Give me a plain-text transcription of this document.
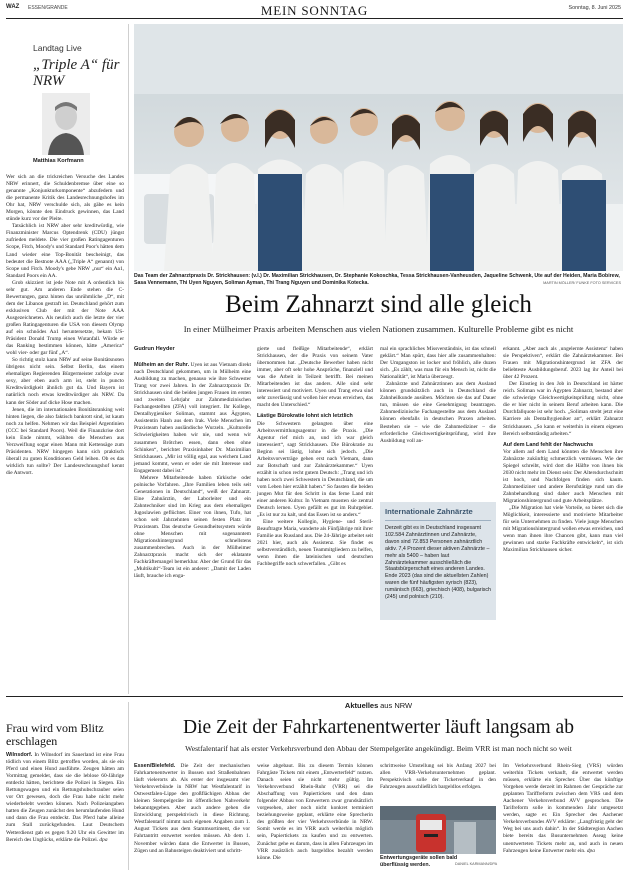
WAZ ESSEN/GRANDE	MEIN SONNTAG	Sonntag, 8. Juni 2025
Landtag Live
„Triple A“ für NRW
Matthias Korfmann

Wer sich an die trickreichen Versuche des Landes NRW erinnert, die Schuldenbremse über eine so genannte „Konjunkturkomponente“ abzufedern und die permanente Kritik des Landesrechnungshofes im Ohr hat, NRW verschulde sich, als gäbe es kein Morgen, könnte den Eindruck gewinnen, das Land stünde kurz vor der Pleite.

Tatsächlich ist NRW aber sehr kreditwürdig, wie Finanzminister Marcus Optendrenk (CDU) jüngst zufrieden meldete. Die vier großen Ratingagenturen Scope, Fitch, Moody's und Standard Poor's hätten dem Land wieder eine Top-Bonität bescheinigt, das bedeutet die Bestnote AAA („Triple A“ genannt) von Scope und Fitch. Moody's gebe NRW „nur“ ein Aa1, Standard Poors ein AA.

Grob skizziert ist jede Note mit A ordentlich bis sehr gut. Am anderen Ende stehen die C-Bewertungen, ganz hinten das unrühmliche „D“, mit dem der Libanon gestraft ist. Deutschland gehört zum exklusiven Club der mit der Note AAA Ausgezeichneten. Als neulich auch die letzte der vier großen Ratingagenturen die USA von diesem Olymp auf ein schnödes Aa1 heruntersetzte, bekam US-Präsident Donald Trump einen Wutanfall. Würde er das Ranking bestimmen können, hätte „America“ wohl vier- oder gar fünf „A“.

So richtig stolz kann NRW auf seine Bonitätsnoten übrigens nicht sein. Selbst Berlin, das einem ehemaligen Regierenden Bürgermeister zufolge zwar sexy, aber eben auch arm ist, steht in puncto Kreditwürdigkeit ähnlich gut da. Und Bayern ist natürlich noch etwas kreditwürdiger als NRW. Da kann der Söder auf dicke Hose machen.

Jenen, die im internationalen Bonitätsranking weit hinten liegen, die also faktisch bankrott sind, ist kaum noch zu helfen. Nehmen wir das Beispiel Argentinien (CCC bei Standard Poors). Weil die Finanzkrise dort kein Ende nimmt, wählten die Menschen aus Verzweiflung sogar einen Mann mit Kettensäge zum Präsidenten. NRW hingegen kann sich praktisch überall zu guten Konditionen Geld leihen. Ob es das wirklich tun sollte? Der Landesrechnungshof kennt die Antwort.

Das Team der Zahnarztpraxis Dr. Strickhausen: (v.l.) Dr. Maximilian Strickhausen, Dr. Stephanie Kokoschka, Tessa Strickhausen-Vanheusden, Jaqueline Schwenk, Ute auf der Heiden, Maria Bobirew, Sasa Vennemann, Thi Uyen Nguyen, Soliman Ayman, Thi Trang Nguyen und Dominika Kotecka.	MARTIN MÖLLER/ FUNKE FOTO SERVICES
Beim Zahnarzt sind alle gleich
In einer Mülheimer Praxis arbeiten Menschen aus vielen Nationen zusammen. Kulturelle Probleme gibt es nicht
Gudrun Heyder

Mülheim an der Ruhr. Uyen ist aus Vietnam direkt nach Deutschland gekommen, um in Mülheim eine Ausbildung zu machen, genauso wie ihre Schwester Trang vor zwei Jahren. In der Zahnarztpraxis Dr. Strickhausen sind die beiden jungen Frauen im ersten und zweiten Lehrjahr zur Zahnmedizinischen Fachangestellten (ZFA) voll integriert. Ihr Kollege, Dentalhygieniker Soliman, stammt aus Ägypten, Assistentin Hanh aus dem Irak. Viele Menschen im Praxisteam haben ausländische Wurzeln. „Kulturelle Schwierigkeiten haben wir nie, und wenn wir zusammen Brötchen essen, dann eben ohne Schinken“, berichtet Praxisinhaber Dr. Maximilian Strickhausen. „Mir ist völlig egal, aus welchem Land jemand kommt, wenn er oder sie mit Interesse und Engagement dabei ist.“

Mehrere Mitarbeitende haben türkische oder polnische Vorfahren. „Ihre Familien leben teils seit Generationen in Deutschland“, weiß der Zahnarzt. Eine Zahnärztin, der Laborleiter und ein Zahntechniker sind im Krieg aus dem ehemaligen Jugoslawien geflüchtet. Einer von ihnen, Tufo, hat schon seit Jahrzehnten seinen festen Platz im Praxisteam. Das deutsche Gesundheitssystem würde ohne Menschen mit sogenanntem Migrationshintergrund schnellstens zusammenbrechen. Auch in der Mülheimer Zahnarztpraxis macht sich der eklatante Fachkräftemangel bemerkbar. Aber der Grund für das „Multikulti“-Team ist ein anderer: „Damit der Laden läuft, brauche ich enga-

gierte und fleißige Mitarbeitende“, erklärt Strickhausen, der die Praxis von seinem Vater übernommen hat. „Deutsche Bewerber haben nicht immer, aber oft sehr hohe Ansprüche, finanziell und was die Arbeit in Teilzeit betrifft. Bei meinen Mitarbeitenden ist das anders. Alle sind sehr interessiert und motiviert. Uyen und Trang etwa sind sehr zuverlässig und wollen hier etwas erreichen, das macht den Unterschied.“

Lästige Bürokratie lohnt sich letztlich

Die Schwestern gelangten über eine Arbeitsvermittlungsagentur in die Praxis. „Die Agentur rief mich an, und ich war gleich interessiert“, sagt Strickhausen. Die Bürokratie zu Beginn sei lästig, lohne sich jedoch. „Die Arbeitsvorverträge gehen erst nach Vietnam, dann zur Botschaft und zur Zahnärztekammer.“ Uyen erzählt in schon recht gutem Deutsch: „Trang und ich haben noch zwei Schwestern in Deutschland, die um vom Leben hier erzählt haben.“ So fassten die beiden jungen Mut für den Schritt in das ferne Land mit einer anderen Kultur. In Vietnam mussten sie zentral Deutsch lernen. Uyen gefällt es gut im Ruhrgebiet. „Es ist nur zu kalt, und das Essen ist so anders.“

Eine weitere Kollegin, Hygiene- und Steril-Beauftragte Maria, wanderte als Fünfjährige mit ihrer Familie aus Russland aus. Die 24-Jährige arbeitet seit 2021 hier, auch als Assistenz. Sie findet es selbstverständlich, neuen Teammitgliedern zu helfen, wenn ihnen die lateinischen und deutschen Fachbegriffe noch schwerfallen. „Gibt es

mal ein sprachliches Missverständnis, ist das schnell geklärt.“ Man spürt, dass hier alle zusammenhalten: Der Umgangston ist locker und fröhlich, alle duzen sich. „Es zählt, was man für ein Mensch ist, nicht die Nationalität“, ist Maria überzeugt.

Zahnärzte und Zahnärztinnen aus dem Ausland können grundsätzlich auch in Deutschland die Zahnheilkunde ausüben. Möchten sie das auf Dauer tun, müssen sie eine Genehmigung beantragen. Zahnmedizinische Fachangestellte aus dem Ausland können ebenfalls in deutschen Praxen arbeiten. Bestehen sie – wie die Zahnmediziner – die erforderliche Gleichwertigkeitsprüfung, wird ihre Ausbildung voll an-

Internationale Zahnärzte
Derzeit gibt es in Deutschland insgesamt 102.584 Zahnärztinnen und Zahnärzte, davon sind 72.853 Personen zahnärztlich aktiv. 7,4 Prozent dieser aktiven Zahnärzte – mehr als 5400 – haben laut Zahnärztekammer ausschließlich die Staatsbürgerschaft eines anderen Landes. Ende 2023 (das sind die aktuellsten Zahlen) waren die fünf häufigsten syrisch (823), rumänisch (663), griechisch (408), bulgarisch (245) und polnisch (210).

erkannt. „Aber auch als ‚ungelernte Assistenz‘ haben sie Perspektiven“, erklärt die Zahnärztekammer. Bei Frauen mit Migrationshintergrund ist ZFA der beliebteste Ausbildungsberuf. 2023 lag ihr Anteil bei über 42 Prozent.

Der Einstieg in den Job in Deutschland ist härter reich. Soliman war in Ägypten Zahnarzt, bestand aber die schwierige Gleichwertigkeitsprüfung nicht, ohne die er hier nicht in seinem Beruf arbeiten kann. Die Durchfallquote ist sehr hoch. „Soliman strebt jetzt eine Karriere als Dentalhygieniker an“, erklärt Zahnarzt Strickhausen. „So kann er weiterhin in einem eigenen Bereich selbstständig arbeiten.“

Auf dem Land fehlt der Nachwuchs

Vor allem auf dem Land könnten die Menschen ihre Zahnärzte zukünftig schmerzlich vermissen. Wie der Spiegel schreibt, wird dort die Hälfte von ihnen bis 2030 nicht mehr im Dienst sein: Der Altersdurchschnitt ist hoch, und Nachfolgen finden sich kaum. Zahnmediziner und andere Berufstätige rund um die Zahnbehandlung sind daher auch Menschen mit Migrationshintergrund und gute Arbeitsplätze.

„Die Migration hat viele Vorteile, so bietet sich die Möglichkeit, interessierte und motivierte Mitarbeiter für sein Unternehmen zu finden. Viele junge Menschen mit Migrationshintergrund wollen etwas erreichen, und wenn man ihnen ihre Chancen gibt, kann man viel gewinnen und starke Fachkräfte entwickeln“, ist sich Maximilian Strickhausen sicher.

Frau wird vom Blitz erschlagen

Wilnsdorf. In Wilnsdorf im Sauerland ist eine Frau tödlich von einem Blitz getroffen worden, als sie ein Pferd und einen Hund ausführte. Zeugen hätten am Vormittag gemeldet, dass sie die leblose 60-Jährige entdeckt hätten, berichtete die Polizei in Siegen. Ein Rettungswagen und ein Rettungshubschrauber seien vor Ort gewesen, doch die Frau habe nicht mehr wiederbelebt werden können. Nach Polizeiangaben hatten die Zeugen zunächst den herumlaufenden Hund und dann die Frau entdeckt. Das Pferd habe alleine zum Stall zurückgefunden. Laut Deutschem Wetterdienst gab es gegen 9.20 Uhr ein Gewitter im Bereich des Unglücks, erklärte die Polizei. dpa

Aktuelles aus NRW
Die Zeit der Fahrkartenentwerter läuft langsam ab
Westfalentarif hat als erster Verkehrsverbund den Abbau der Stempelgeräte angekündigt. Beim VRR ist man noch nicht so weit

Essen/Bielefeld. Die Zeit der mechanischen Fahrkartenentwerter in Bussen und Straßenbahnen läuft vielerorts ab. Als erster der insgesamt vier Verkehrsverbünde in NRW hat Westfalentarif in Ostwestfalen-Lippe den großflächigen Abbau der kleinen Stempelgeräte im öffentlichen Nahverkehr bekanntgegeben. Aber auch andere gehen die Entwicklung perspektivisch in diese Richtung. Westfalentarif nimmt nach eigenen Angaben zum 1. August Tickets aus dem Stammsortiment, die vor Fahrtantritt entwertet werden müssen. Ab dem 1. November würden dann die Entwerter in Bussen, Zügen und an Bahnsteigen deaktiviert und schritt-

weise abgebaut. Bis zu diesem Termin können Fahrgäste Tickets mit einem „Entwerterfeld“ nutzen. Danach seien sie nicht mehr gültig. Im Verkehrsverbund Rhein-Ruhr (VRR) sei die Abschaffung von Papiertickets und den dann folgender Abbau von Entwertern zwar grundsätzlich vorgesehen, aber noch nicht konkret terminiert beziehungsweise geplant, erklärte eine Sprecherin des größten der vier Verkehrsverbünde in NRW. Somit werde es im VRR auch weiterhin möglich sein, Papiertickets zu kaufen und zu entwerten. Zunächst gehe es darum, dass in allen Fahrzeugen im VRR zusätzlich auch bargeldlos bezahlt werden könne. Die

schrittweise Umstellung sei bis Anfang 2027 bei allen VRR-Verkehrsunternehmen geplant. Perspektivisch solle der Ticketverkauf in den Fahrzeugen ausschließlich bargeldlos erfolgen.

Entwertungsgeräte sollen bald überflüssig werden.	DANIEL KARMANN/DPA

Im Verkehrsverbund Rhein-Sieg (VRS) würden weiterhin Tickets verkauft, die entwertet werden müssen, erklärte ein Sprecher. Über das künftige Vorgehen werde derzeit im Rahmen der Gespräche zur geplanten Tariffreform zwischen dem VRS und dem Aachener Verkehrsverbund AVV gesprochen. Die Tarifreform solle in kommenden Jahr umgesetzt werden, sagte er. Ein Sprecher des Aachener Verkehrsverbundes AVV erklärte: „Langfristig geht der Weg bei uns auch dahin“. In der Städteregion Aachen biete bereits das Busunternehmen Aseag keine unentwerteten Tickets mehr an, und auch in neuen Fahrzeugen keine Entwerter mehr ein. dpa
